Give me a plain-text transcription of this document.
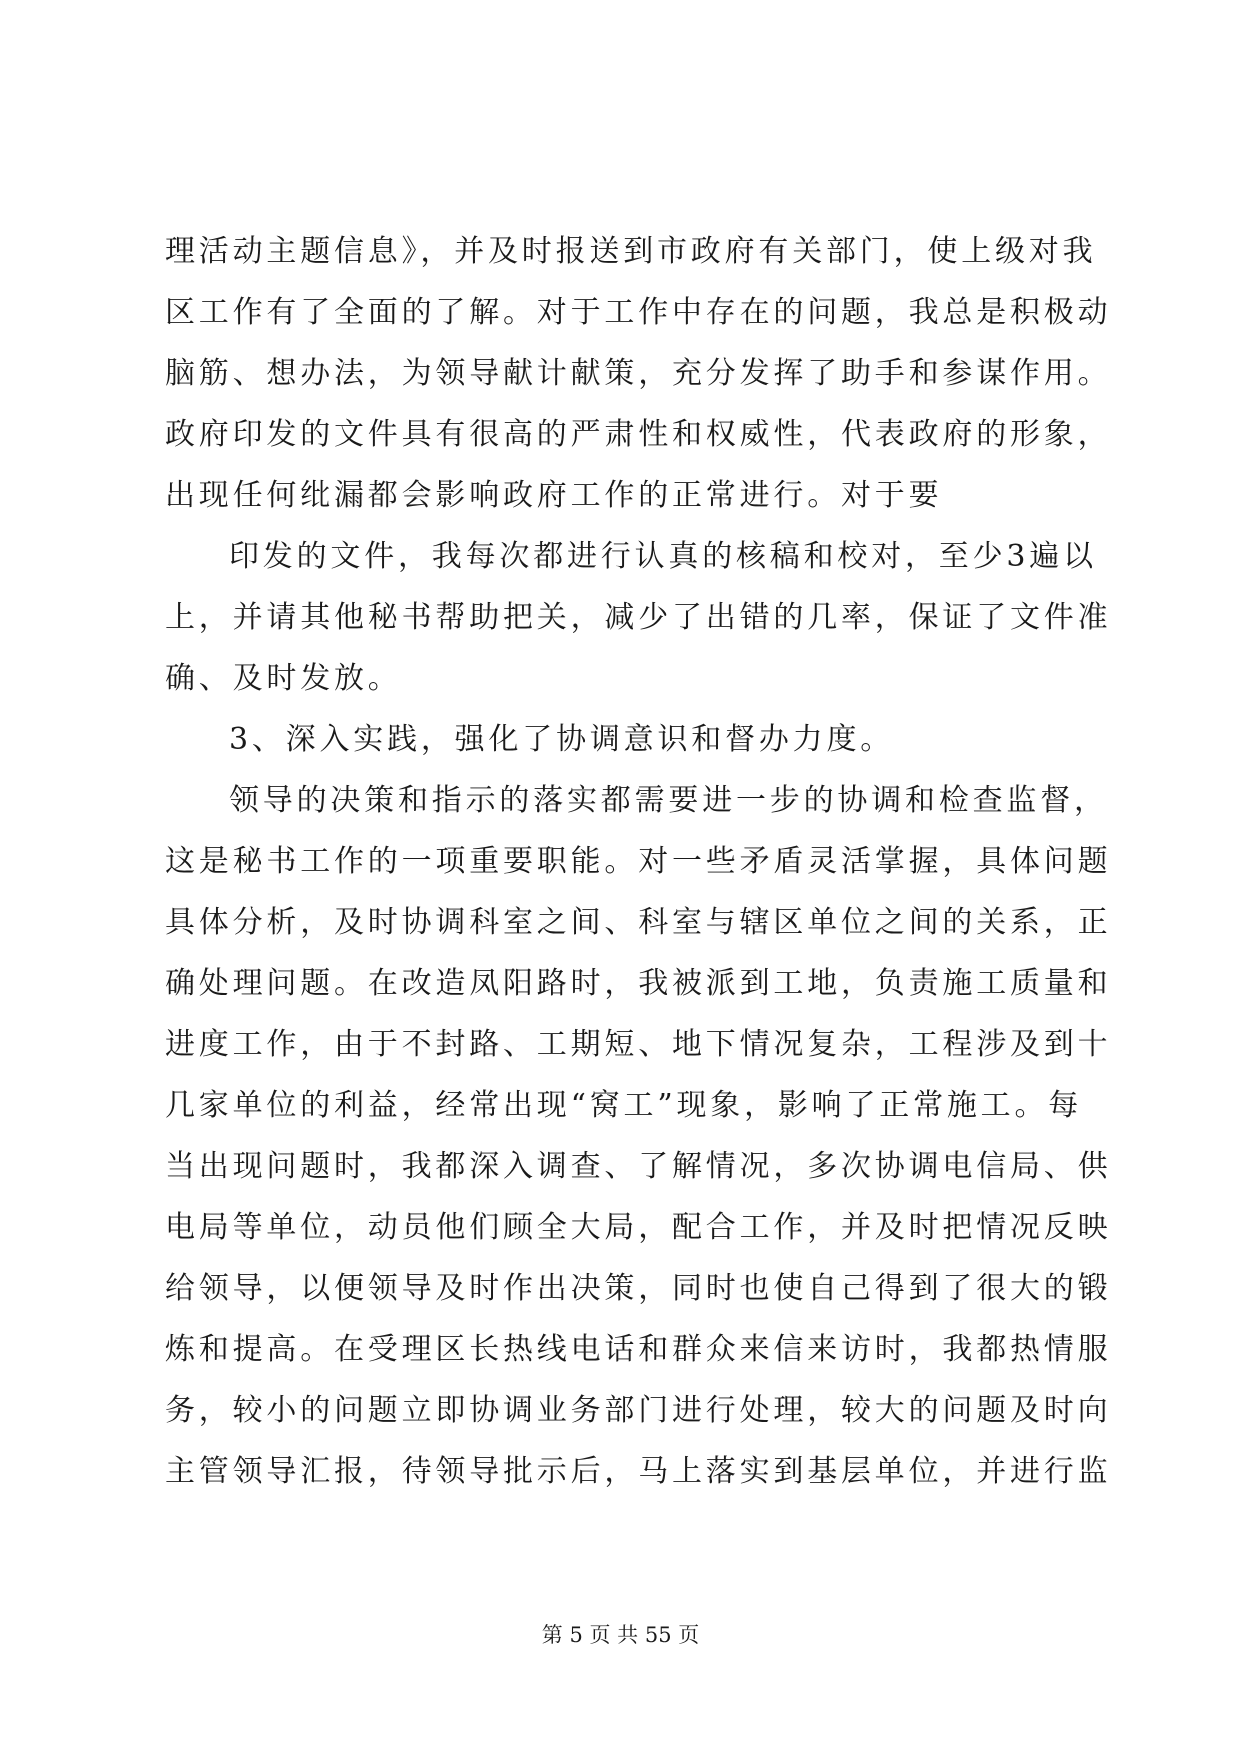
理活动主题信息》，并及时报送到市政府有关部门，使上级对我
区工作有了全面的了解。对于工作中存在的问题，我总是积极动
脑筋、想办法，为领导献计献策，充分发挥了助手和参谋作用。
政府印发的文件具有很高的严肃性和权威性，代表政府的形象，
出现任何纰漏都会影响政府工作的正常进行。对于要
印发的文件，我每次都进行认真的核稿和校对，至少3遍以
上，并请其他秘书帮助把关，减少了出错的几率，保证了文件准
确、及时发放。
3、深入实践，强化了协调意识和督办力度。
领导的决策和指示的落实都需要进一步的协调和检查监督，
这是秘书工作的一项重要职能。对一些矛盾灵活掌握，具体问题
具体分析，及时协调科室之间、科室与辖区单位之间的关系，正
确处理问题。在改造凤阳路时，我被派到工地，负责施工质量和
进度工作，由于不封路、工期短、地下情况复杂，工程涉及到十
几家单位的利益，经常出现“窝工”现象，影响了正常施工。每
当出现问题时，我都深入调查、了解情况，多次协调电信局、供
电局等单位，动员他们顾全大局，配合工作，并及时把情况反映
给领导，以便领导及时作出决策，同时也使自己得到了很大的锻
炼和提高。在受理区长热线电话和群众来信来访时，我都热情服
务，较小的问题立即协调业务部门进行处理，较大的问题及时向
主管领导汇报，待领导批示后，马上落实到基层单位，并进行监
第 5 页 共 55 页
